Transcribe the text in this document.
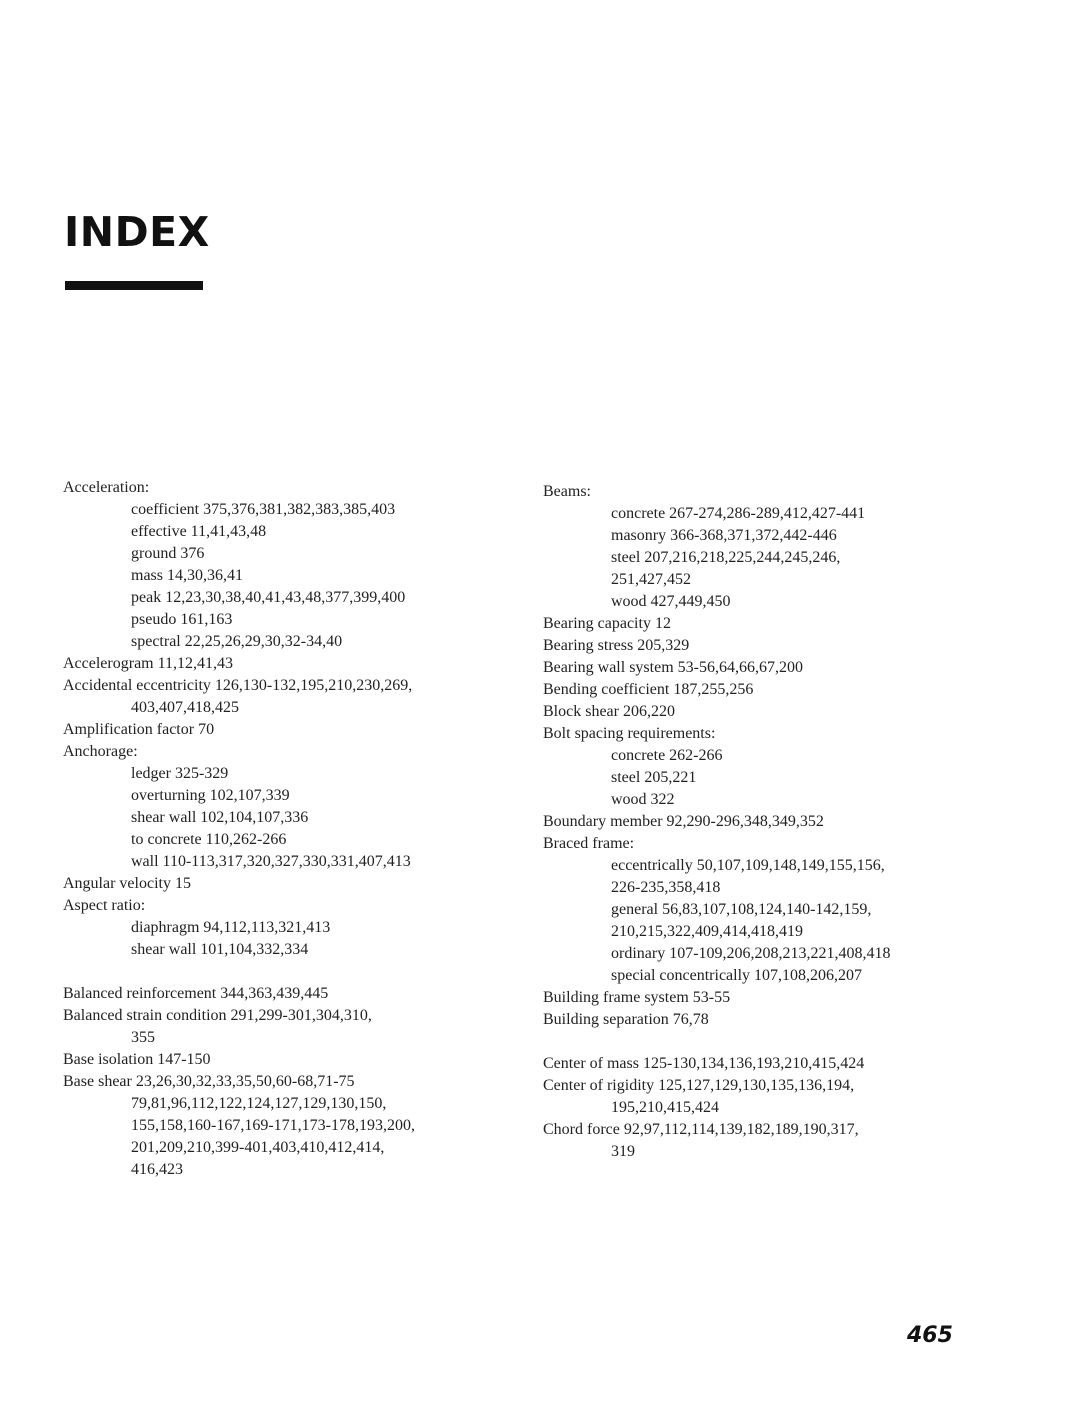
INDEX
Acceleration:
coefficient 375,376,381,382,383,385,403
effective 11,41,43,48
ground 376
mass 14,30,36,41
peak 12,23,30,38,40,41,43,48,377,399,400
pseudo 161,163
spectral 22,25,26,29,30,32-34,40
Accelerogram 11,12,41,43
Accidental eccentricity 126,130-132,195,210,230,269,
403,407,418,425
Amplification factor 70
Anchorage:
ledger 325-329
overturning 102,107,339
shear wall 102,104,107,336
to concrete 110,262-266
wall 110-113,317,320,327,330,331,407,413
Angular velocity 15
Aspect ratio:
diaphragm 94,112,113,321,413
shear wall 101,104,332,334
Balanced reinforcement 344,363,439,445
Balanced strain condition 291,299-301,304,310,
355
Base isolation 147-150
Base shear 23,26,30,32,33,35,50,60-68,71-75
79,81,96,112,122,124,127,129,130,150,
155,158,160-167,169-171,173-178,193,200,
201,209,210,399-401,403,410,412,414,
416,423
Beams:
concrete 267-274,286-289,412,427-441
masonry 366-368,371,372,442-446
steel 207,216,218,225,244,245,246,
251,427,452
wood 427,449,450
Bearing capacity 12
Bearing stress 205,329
Bearing wall system 53-56,64,66,67,200
Bending coefficient 187,255,256
Block shear 206,220
Bolt spacing requirements:
concrete 262-266
steel 205,221
wood 322
Boundary member 92,290-296,348,349,352
Braced frame:
eccentrically 50,107,109,148,149,155,156,
226-235,358,418
general 56,83,107,108,124,140-142,159,
210,215,322,409,414,418,419
ordinary 107-109,206,208,213,221,408,418
special concentrically 107,108,206,207
Building frame system 53-55
Building separation 76,78
Center of mass 125-130,134,136,193,210,415,424
Center of rigidity 125,127,129,130,135,136,194,
195,210,415,424
Chord force 92,97,112,114,139,182,189,190,317,
319
465
